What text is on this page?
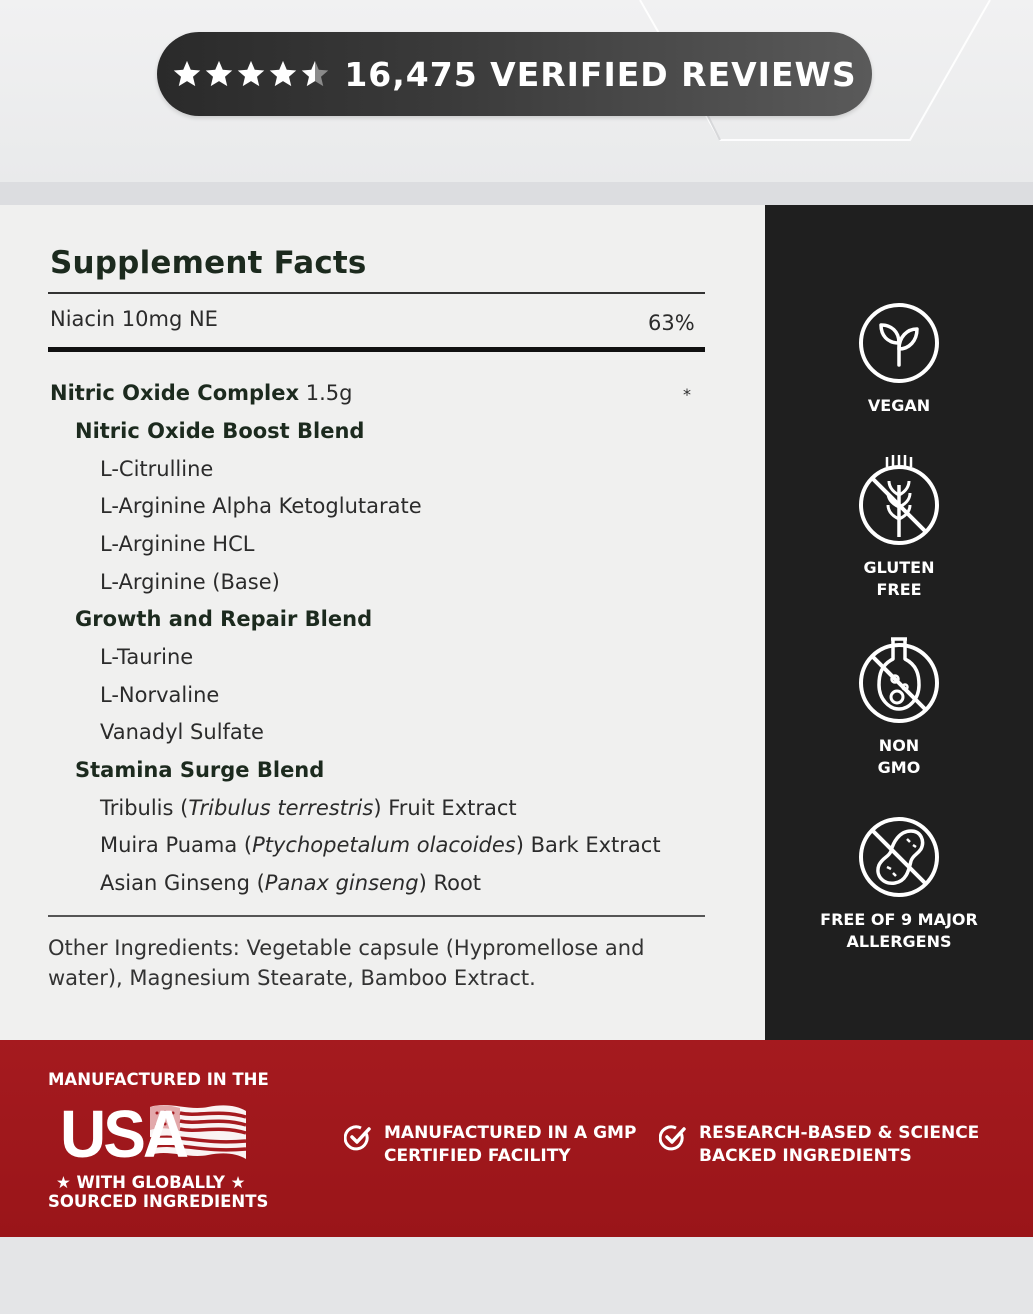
16,475 VERIFIED REVIEWS
Supplement Facts
Niacin 10mg NE	63%
Nitric Oxide Complex 1.5g	*
Nitric Oxide Boost Blend
L-Citrulline
L-Arginine Alpha Ketoglutarate
L-Arginine HCL
L-Arginine (Base)
Growth and Repair Blend
L-Taurine
L-Norvaline
Vanadyl Sulfate
Stamina Surge Blend
Tribulis (Tribulus terrestris) Fruit Extract
Muira Puama (Ptychopetalum olacoides) Bark Extract
Asian Ginseng (Panax ginseng) Root
Other Ingredients: Vegetable capsule (Hypromellose and water), Magnesium Stearate, Bamboo Extract.
VEGAN
GLUTEN
FREE
NON
GMO
FREE OF 9 MAJOR
ALLERGENS
MANUFACTURED IN THE
USA
★ WITH GLOBALLY ★
SOURCED INGREDIENTS
MANUFACTURED IN A GMP
CERTIFIED FACILITY
RESEARCH-BASED & SCIENCE
BACKED INGREDIENTS
